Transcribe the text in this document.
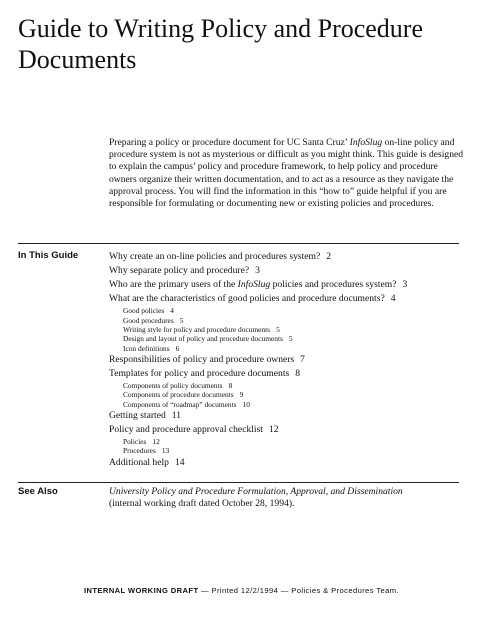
Guide to Writing Policy and Procedure Documents

Preparing a policy or procedure document for UC Santa Cruz’ InfoSlug on-line policy and procedure system is not as mysterious or difficult as you might think. This guide is designed to explain the campus’ policy and procedure framework, to help policy and procedure owners organize their written documentation, and to act as a resource as they navigate the approval process. You will find the information in this “how to” guide helpful if you are responsible for formulating or documenting new or existing policies and procedures.

In This Guide	Why create an on-line policies and procedures system? 2
Why separate policy and procedure? 3
Who are the primary users of the InfoSlug policies and procedures system? 3
What are the characteristics of good policies and procedure documents? 4
Good policies 4
Good procedures 5
Writing style for policy and procedure documents 5
Design and layout of policy and procedure documents 5
Icon definitions 6
Responsibilities of policy and procedure owners 7
Templates for policy and procedure documents 8
Components of policy documents 8
Components of procedure documents 9
Components of “roadmap” documents 10
Getting started 11
Policy and procedure approval checklist 12
Policies 12
Procedures 13
Additional help 14
See Also	University Policy and Procedure Formulation, Approval, and Dissemination
(internal working draft dated October 28, 1994).
INTERNAL WORKING DRAFT — Printed 12/2/1994 — Policies & Procedures Team.
